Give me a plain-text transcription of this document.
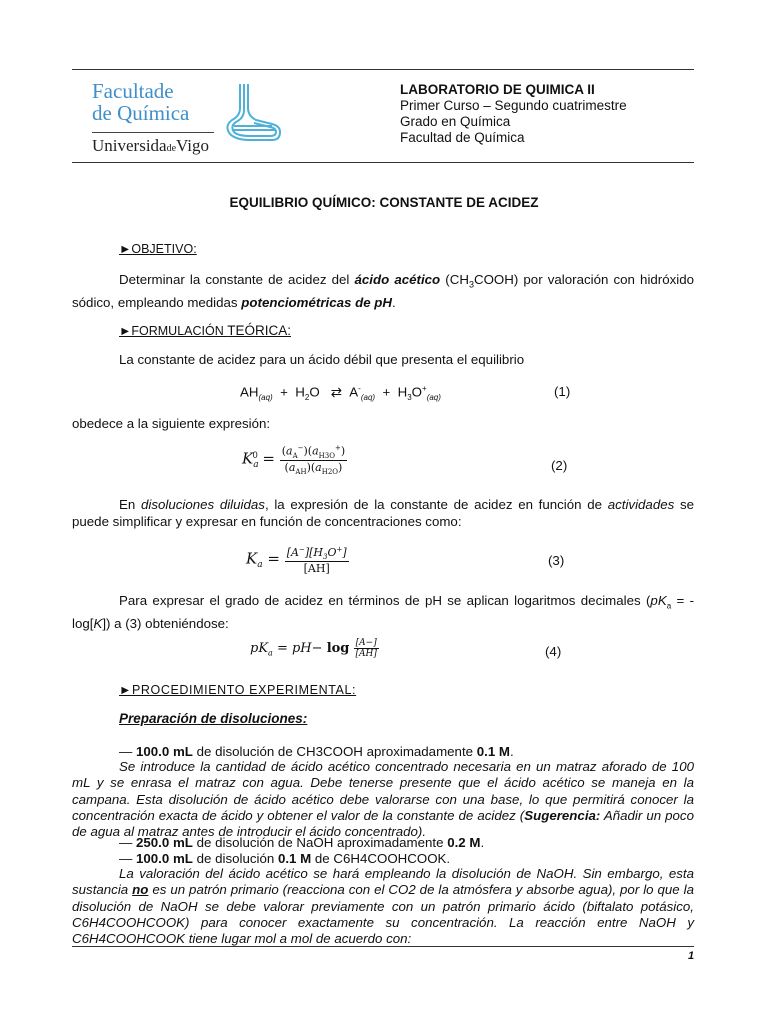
Facultade
de Química
UniversidadeVigo
LABORATORIO DE QUIMICA II
Primer Curso – Segundo cuatrimestre
Grado en Química
Facultad de Química
EQUILIBRIO QUÍMICO: CONSTANTE DE ACIDEZ
►OBJETIVO:
Determinar la constante de acidez del ácido acético $(CH_3COOH)$ por valoración con hidróxido sódico, empleando medidas potenciométricas de pH.
►FORMULACIÓN TEÓRICA:
La constante de acidez para un ácido débil que presenta el equilibrio
$AH_{(aq)} + H_2O$   ⇄  $A^-_{(aq)} + H_3O^+_{(aq)}$	(1)
obedece a la siguiente expresión:
$K_a^0 = \frac{(a_A^-)(a_{H3O}^+)}{(a_{AH})(a_{H2O})}$	(2)
En disoluciones diluidas, la expresión de la constante de acidez en función de actividades se puede simplificar y expresar en función de concentraciones como:
$K_a = \frac{[A^-][H_3O^+]}{[AH]}$	(3)
Para expresar el grado de acidez en términos de pH se aplican logaritmos decimales $(pK_a = -\log[K])$ a (3) obteniéndose:
$pK_a = pH- \log \frac{[A-]}{[AH]}$	(4)
►PROCEDIMIENTO EXPERIMENTAL:
Preparación de disoluciones:
— 100.0 mL de disolución de CH3COOH aproximadamente 0.1 M.
Se introduce la cantidad de ácido acético concentrado necesaria en un matraz aforado de 100 mL y se enrasa el matraz con agua. Debe tenerse presente que el ácido acético se maneja en la campana. Esta disolución de ácido acético debe valorarse con una base, lo que permitirá conocer la concentración exacta de ácido y obtener el valor de la constante de acidez (Sugerencia: Añadir un poco de agua al matraz antes de introducir el ácido concentrado).
— 250.0 mL de disolución de NaOH aproximadamente 0.2 M.
— 100.0 mL de disolución 0.1 M de C6H4COOHCOOK.
La valoración del ácido acético se hará empleando la disolución de NaOH. Sin embargo, esta sustancia no es un patrón primario (reacciona con el CO2 de la atmósfera y absorbe agua), por lo que la disolución de NaOH se debe valorar previamente con un patrón primario ácido (biftalato potásico, C6H4COOHCOOK) para conocer exactamente su concentración. La reacción entre NaOH y C6H4COOHCOOK tiene lugar mol a mol de acuerdo con:
1
